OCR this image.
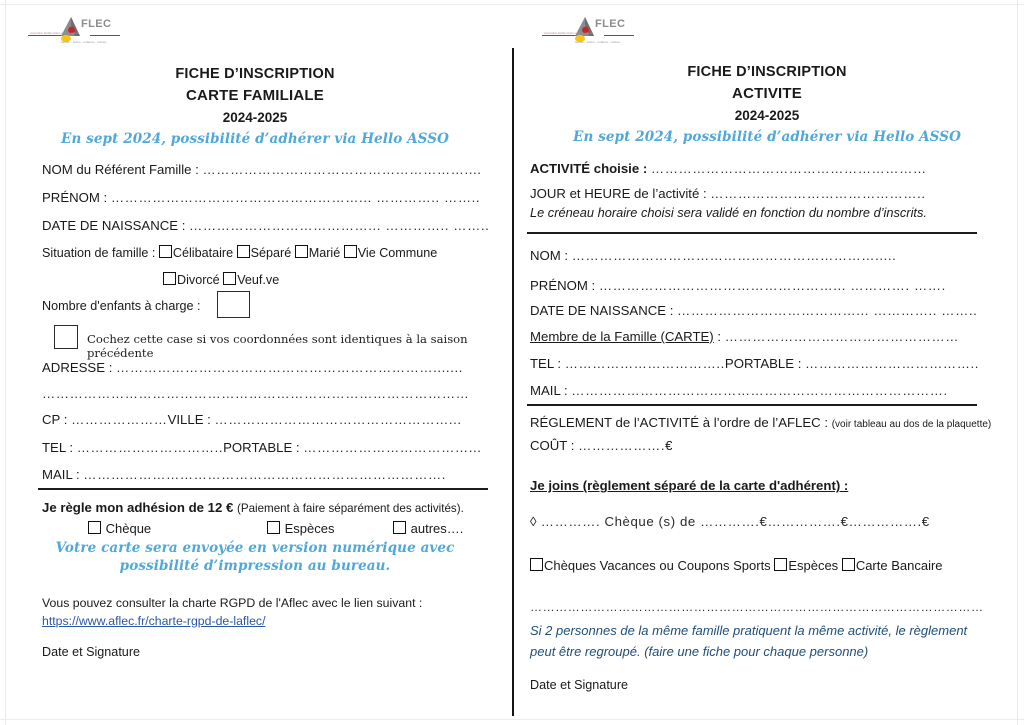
FLEC
famille - loisirs - enfance - culture
association familles loisirs enfance culture
FLEC
famille - loisirs - enfance - culture
association familles loisirs enfance culture
FICHE D’INSCRIPTION
CARTE FAMILIALE
2024-2025
En sept 2024, possibilité d’adhérer via Hello ASSO
NOM du Référent Famille : …………………………………………………....
PRÉNOM : ………………………………………………... ………….. ……..
DATE DE NAISSANCE : …………………………………... ………….. ……..
Situation de famille : Célibataire Séparé Marié Vie Commune
Divorcé Veuf.ve
Nombre d'enfants à charge :
Cochez cette case si vos coordonnées sont identiques à la saison précédente
ADRESSE : …………………………………………………………….......
…………………………………………………………………………………
CP : …………………VILLE : ……………………………………………...
TEL : …………………………..PORTABLE : ………………………………...
MAIL : …………………………………………………………………….
Je règle mon adhésion de 12 € (Paiement à faire séparément des activités).
Chèque	Espèces	autres….
Votre carte sera envoyée en version numérique avec
possibilité d’impression au bureau.
Vous pouvez consulter la charte RGPD de l'Aflec avec le lien suivant :
https://www.aflec.fr/charte-rgpd-de-laflec/
Date et Signature
FICHE D’INSCRIPTION
ACTIVITE
2024-2025
En sept 2024, possibilité d’adhérer via Hello ASSO
ACTIVITÉ choisie : ……………………………………………………
JOUR et HEURE de l’activité : ………………………………………..
Le créneau horaire choisi sera validé en fonction du nombre d’inscrits.
NOM : ………………………………………………………….....
PRÉNOM : ……………………………………………... …………. …….
DATE DE NAISSANCE : …………………………………... ………….. ……..
Membre de la Famille (CARTE) : ……………………………………………
TEL : ……………………………..PORTABLE : ………………………………..
MAIL : ……………………………………………………………………….
RÉGLEMENT de l’ACTIVITÉ à l’ordre de l’AFLEC : (voir tableau au dos de la plaquette)
COÛT : ……………….€
Je joins (règlement séparé de la carte d'adhérent) :
◊ …………. Chèque (s) de ………….€…………….€…………….€
Chèques Vacances ou Coupons Sports Espèces Carte Bancaire
………………………………………………………………………………………………
Si 2 personnes de la même famille pratiquent la même activité, le règlement
peut être regroupé. (faire une fiche pour chaque personne)
Date et Signature
